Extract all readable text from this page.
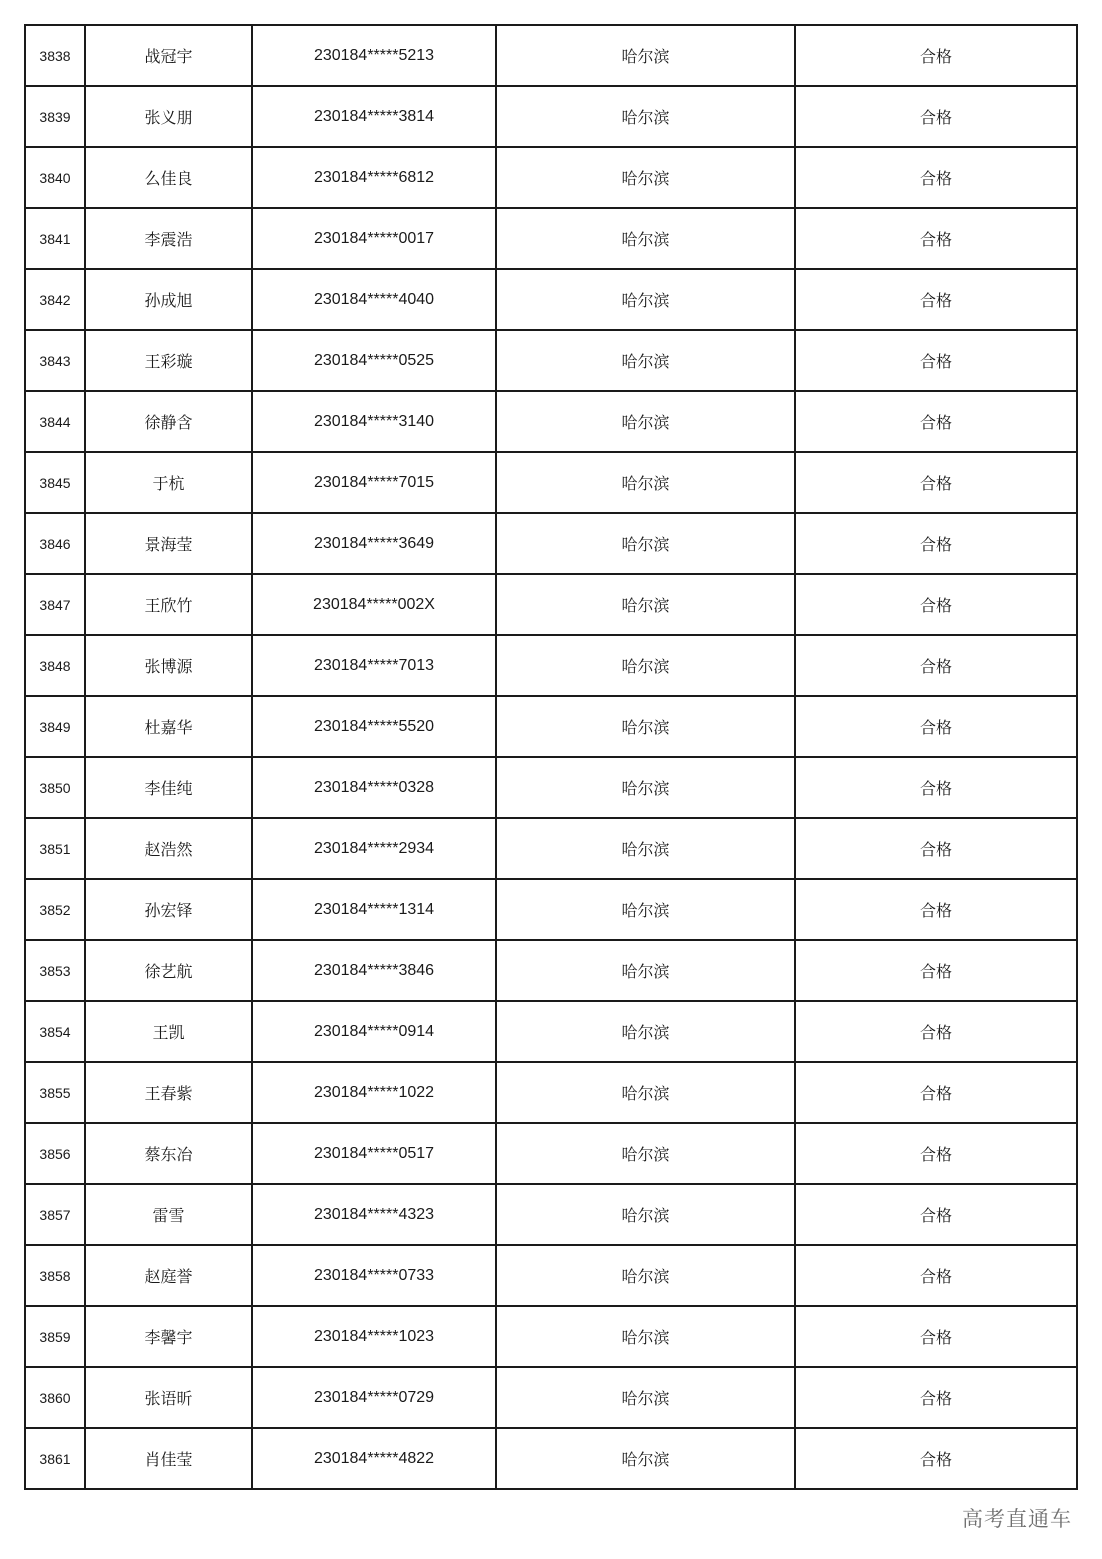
3838	战冠宇	230184*****5213	哈尔滨	合格
3839	张义朋	230184*****3814	哈尔滨	合格
3840	么佳良	230184*****6812	哈尔滨	合格
3841	李震浩	230184*****0017	哈尔滨	合格
3842	孙成旭	230184*****4040	哈尔滨	合格
3843	王彩璇	230184*****0525	哈尔滨	合格
3844	徐静含	230184*****3140	哈尔滨	合格
3845	于杭	230184*****7015	哈尔滨	合格
3846	景海莹	230184*****3649	哈尔滨	合格
3847	王欣竹	230184*****002X	哈尔滨	合格
3848	张博源	230184*****7013	哈尔滨	合格
3849	杜嘉华	230184*****5520	哈尔滨	合格
3850	李佳纯	230184*****0328	哈尔滨	合格
3851	赵浩然	230184*****2934	哈尔滨	合格
3852	孙宏铎	230184*****1314	哈尔滨	合格
3853	徐艺航	230184*****3846	哈尔滨	合格
3854	王凯	230184*****0914	哈尔滨	合格
3855	王春紫	230184*****1022	哈尔滨	合格
3856	蔡东冶	230184*****0517	哈尔滨	合格
3857	雷雪	230184*****4323	哈尔滨	合格
3858	赵庭誉	230184*****0733	哈尔滨	合格
3859	李馨宇	230184*****1023	哈尔滨	合格
3860	张语昕	230184*****0729	哈尔滨	合格
3861	肖佳莹	230184*****4822	哈尔滨	合格
高考直通车
